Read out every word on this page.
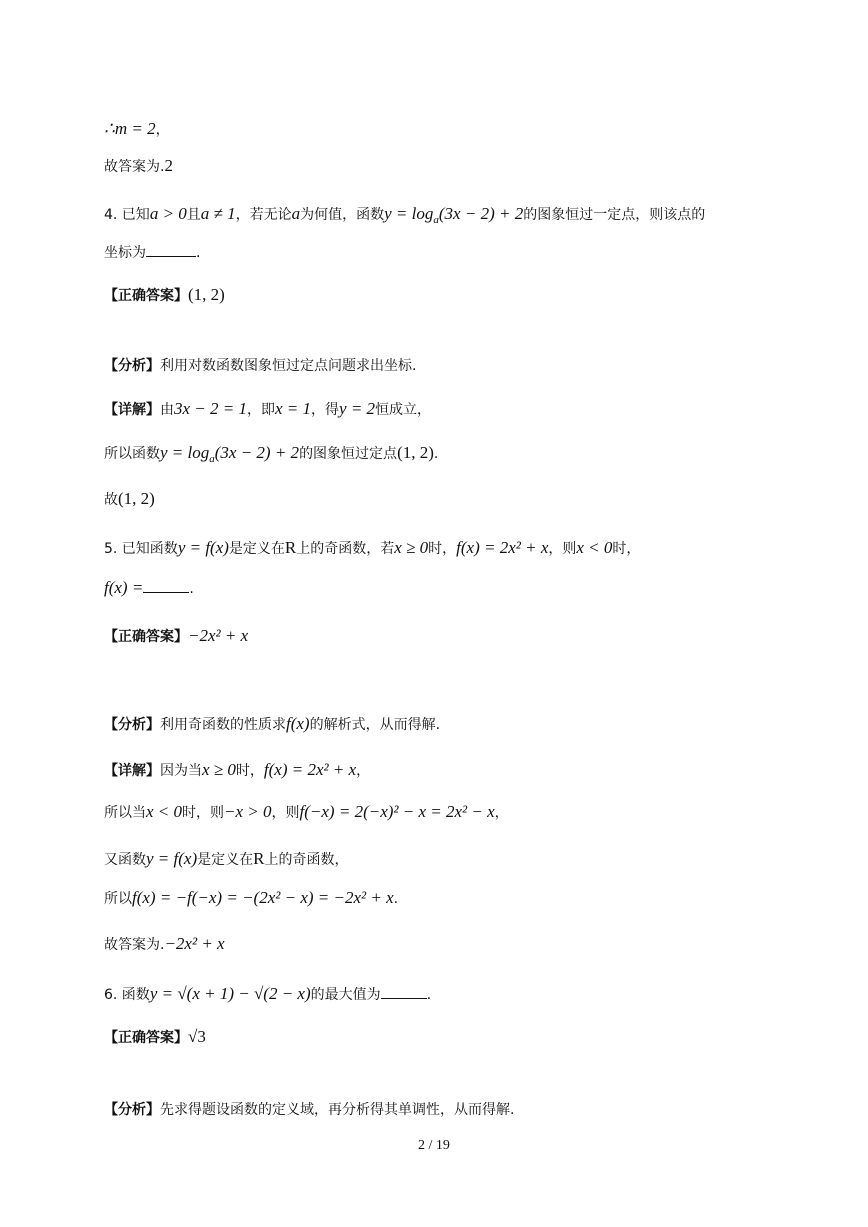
∴m = 2，
故答案为.2
4. 已知a > 0且a ≠ 1，若无论a为何值，函数$y = \log_a(3x - 2) + 2$的图象恒过一定点，则该点的
坐标为	.
【正确答案】(1, 2)
【分析】利用对数函数图象恒过定点问题求出坐标.
【详解】由3x − 2 = 1，即x = 1，得y = 2恒成立，
所以函数$y = \log_a(3x - 2) + 2$的图象恒过定点(1, 2).
故(1, 2)
5. 已知函数y = f(x)是定义在R上的奇函数，若x ≥ 0时，f(x) = 2x² + x，则x < 0时，
f(x) =	.
【正确答案】−2x² + x
【分析】利用奇函数的性质求f(x)的解析式，从而得解.
【详解】因为当x ≥ 0时，f(x) = 2x² + x，
所以当x < 0时，则−x > 0，则f(−x) = 2(−x)² − x = 2x² − x，
又函数y = f(x)是定义在R上的奇函数，
所以f(x) = −f(−x) = −(2x² − x) = −2x² + x.
故答案为.−2x² + x
6. 函数y = √(x + 1) − √(2 − x)的最大值为	.
【正确答案】√3
【分析】先求得题设函数的定义域，再分析得其单调性，从而得解.
2 / 19
